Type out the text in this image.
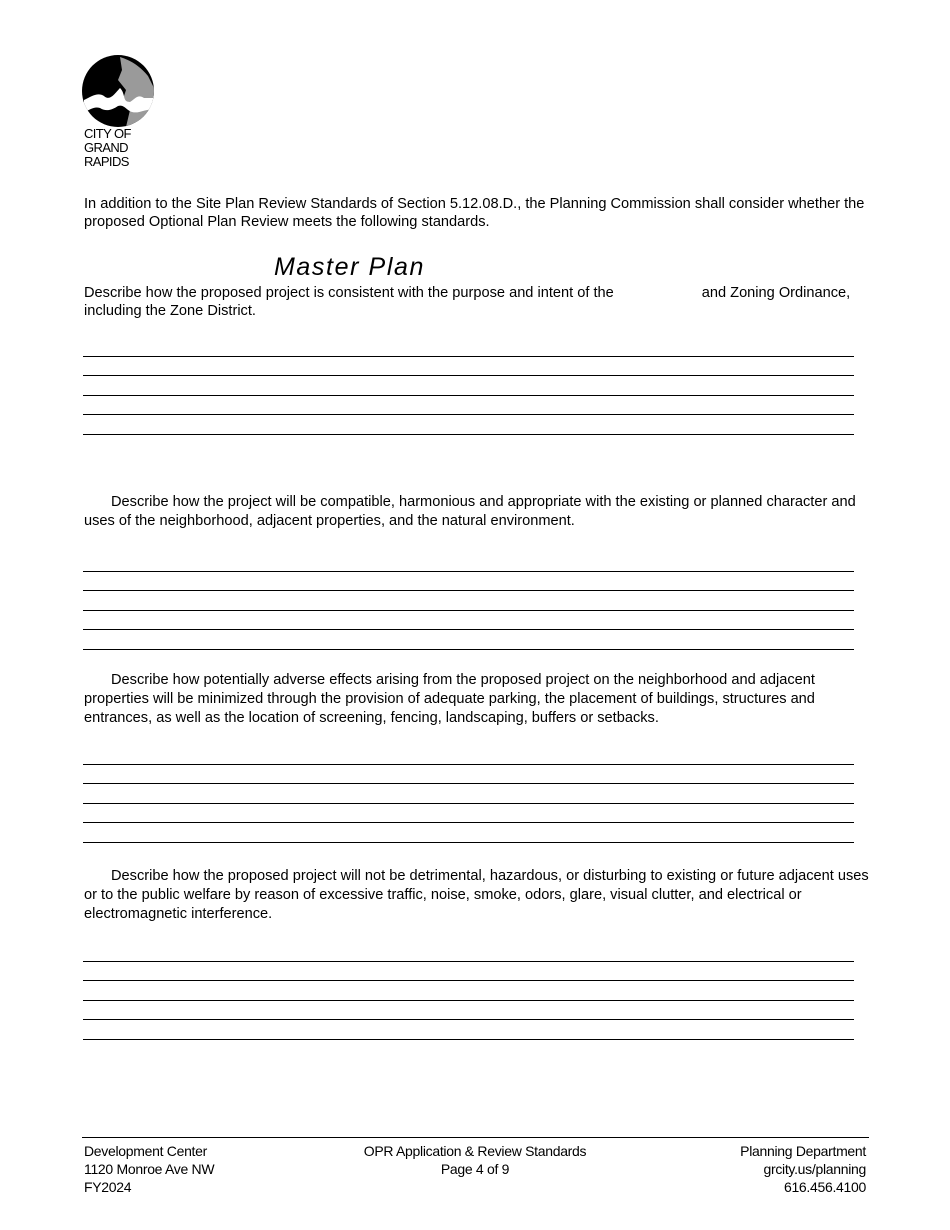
CITY OF
GRAND
RAPIDS
In addition to the Site Plan Review Standards of Section 5.12.08.D., the Planning Commission shall consider whether the proposed Optional Plan Review meets the following standards.
Master Plan
Describe how the proposed project is consistent with the purpose and intent of the	and Zoning Ordinance, including the Zone District.
Describe how the project will be compatible, harmonious and appropriate with the existing or planned character and uses of the neighborhood, adjacent properties, and the natural environment.
Describe how potentially adverse effects arising from the proposed project on the neighborhood and adjacent properties will be minimized through the provision of adequate parking, the placement of buildings, structures and entrances, as well as the location of screening, fencing, landscaping, buffers or setbacks.
Describe how the proposed project will not be detrimental, hazardous, or disturbing to existing or future adjacent uses or to the public welfare by reason of excessive traffic, noise, smoke, odors, glare, visual clutter, and electrical or electromagnetic interference.
Development Center
1120 Monroe Ave NW
FY2024
OPR Application & Review Standards
Page 4 of 9
Planning Department
grcity.us/planning
616.456.4100
